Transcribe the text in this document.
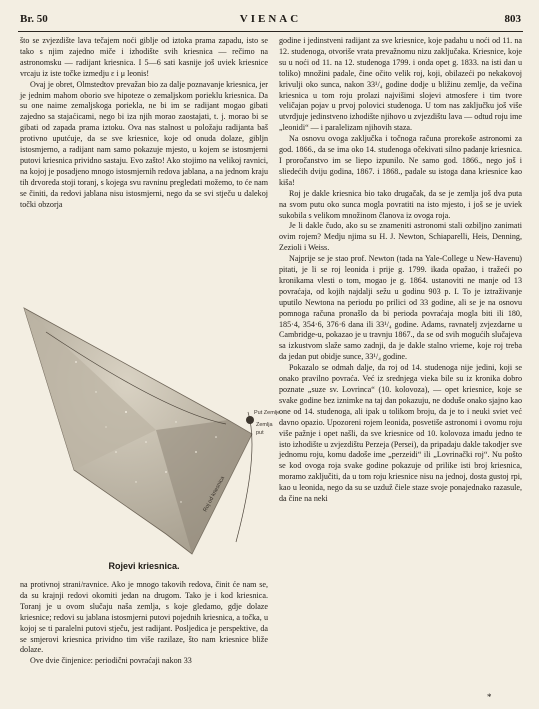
Br. 50	VIENAC	803

što se zvjezdište lava tečajem noći giblje od iztoka prama zapadu, isto se tako s njim zajedno miče i izhodište svih kriesnica — rečimo na astronomsku — radijant kriesnica. I 5—6 sati kasnije još uviek kriesnice vrcaju iz iste točke izmedju ε i μ leonis!

Ovaj je obret, Olmstedtov prevažan bio za dalje poznavanje kriesnica, jer je jednim mahom oborio sve hipoteze o zemaljskom porieklu kriesnica. Da su one naime zemaljskoga poriekla, ne bi im se radijant mogao gibati zajedno sa stajaćicami, nego bi iza njih morao zaostajati, t. j. morao bi se gibati od zapada prama iztoku. Ova nas stalnost u položaju radijanta baš protivno uputćuje, da se sve kriesnice, koje od onuda dolaze, gibljn istosmjerno, a radijant nam samo pokazuje mjesto, u kojem se istosmjerni putovi kriesnica prividno sastaju. Evo zašto! Ako stojimo na velikoj ravnici, na kojoj je posadjeno mnogo istosmjernih redova jablana, a na jednom kraju tih drvoreda stoji toranj, s kojega svu ravninu pregledati možemo, to će nam se činiti, da redovi jablana nisu istosmjerni, nego da se svi stječu u dalekoj točki obzorja

Put Zemlje
Zemlja
put
Roj od kriesnica
Rojevi kriesnica.

na protivnoj strani/ravnice. Ako je mnogo takovih redova, činit će nam se, da su krajnji redovi okomiti jedan na drugom. Tako je i kod kriesnica. Toranj je u ovom slučaju naša zemlja, s koje gledamo, gdje dolaze kriesnice; redovi su jablana istosmjerni putovi pojednih kriesnica, a točka, u kojoj se ti paralelni putovi stječu, jest radijant. Posljedica je perspektive, da se smjerovi kriesnica prividno tim više razilaze, što nam kriesnice bliže dolaze.

Ove dvie činjenice: periodični povraćaji nakon 33

godine i jedinstveni radijant za sve kriesnice, koje padahu u noći od 11. na 12. studenoga, otvoriše vrata prevažnomu nizu zaključaka. Kriesnice, koje su u noći od 11. na 12. studenoga 1799. i onda opet g. 1833. na isti dan u toliko) množini padale, čine očito velik roj, koji, obilazeći po nekakovoj krivulji oko sunca, nakon 33¹/₄ godine dodje u bližinu zemlje, da večina kriesnica u tom roju prolazi najvišimi slojevi atmosfere i tim tvore veličajan pojav u prvoj polovici studenoga. U tom nas zaključku još više utvrdjuje jedinstveno izhodište njihovo u zvjezdištu lava — odtud roju ime „leonidi“ — i paralelizam njihovih staza.

Na osnovu ovoga zaključka i točnoga računa prorekoše astronomi za god. 1866., da se ima oko 14. studenoga očekivati silno padanje kriesnica. I proročanstvo im se liepo izpunilo. Ne samo god. 1866., nego još i sliedećih dviju godina, 1867. i 1868., padale su istoga dana kriesnice kao kiša!

Roj je dakle kriesnica bio tako drugačak, da se je zemlja još dva puta na svom putu oko sunca mogla povratiti na isto mjesto, i još se je uviek sukobila s velikom množinom članova iz ovoga roja.

Je li dakle čudo, ako su se znameniti astronomi stali ozbiljno zanimati ovim rojem? Medju njima su H. J. Newton, Schiaparelli, Heis, Denning, Zezioli i Weiss.

Najprije se je stao prof. Newton (tada na Yale-College u New-Havenu) pitati, je li se roj leonida i prije g. 1799. ikada opažao, i tražeći po kronikama vlesti o tom, mogao je g. 1864. ustanoviti ne manje od 13 povraćaja, od kojih najdalji sežu u godinu 903 p. I. To je iztraživanje uputilo Newtona na periodu po prilici od 33 godine, ali se je na osnovu pomnoga računa pronašlo da bi perioda povraćaja mogla biti ili 180, 185·4, 354·6, 376·6 dana ili 33¹/₄ godine. Adams, ravnatelj zvjezdarne u Cambridge-u, pokazao je u travnju 1867., da se od svih mogućih slučajeva sa izkustvom slaže samo zadnji, da je dakle stalno vrieme, koje roj treba da jedan put obidje sunce, 33¹/₄ godine.

Pokazalo se odmah dalje, da roj od 14. studenoga nije jedini, koji se onako pravilno povraća. Već iz srednjega vieka bile su iz kronika dobro poznate „suze sv. Lovrinca“ (10. kolovoza), — opet kriesnice, koje se svake godine bez iznimke na taj dan pokazuju, ne doduše onako sjajno kao one od 14. studenoga, ali ipak u tolikom broju, da je to i neuki sviet već davno opazio. Upozoreni rojem leonida, posvetiše astronomi i ovomu roju više pažnje i opet našli, da sve kriesnice od 10. kolovoza imadu jedno te isto izhodište u zvjezdištu Perzeja (Persei), da pripadaju dakle takodjer sve jednomu roju, komu dadoše ime „perzeidi“ ili „Lovrinački roj“. Nu pošto se kod ovoga roja svake godine pokazuje od prilike isti broj kriesnica, moramo zaključiti, da u tom roju kriesnice nisu na jednoj, dosta gustoj rpi, kao u leonida, nego da su se uzduž čiele staze svoje ponajednako razasule, da čine na neki

*
